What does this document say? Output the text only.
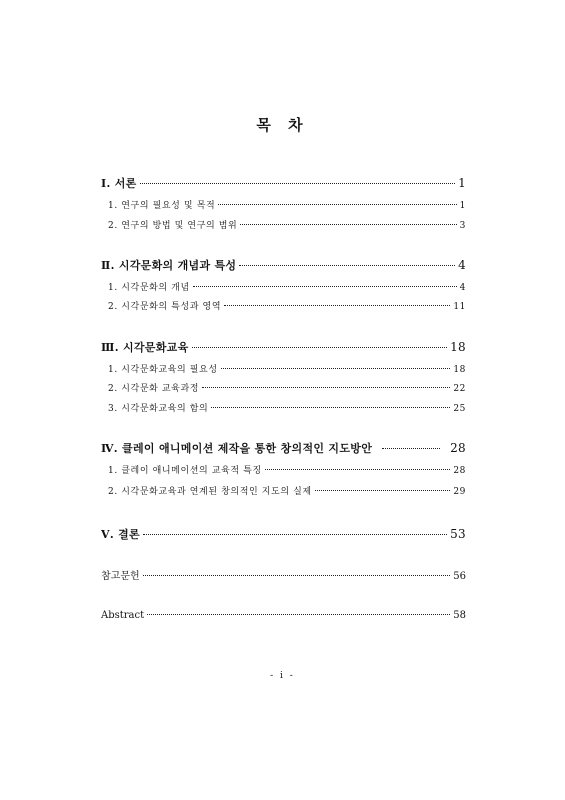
목 차
Ⅰ. 서론	1
1. 연구의 필요성 및 목적	1
2. 연구의 방법 및 연구의 범위	3
Ⅱ. 시각문화의 개념과 특성	4
1. 시각문화의 개념	4
2. 시각문화의 특성과 영역	11
Ⅲ. 시각문화교육	18
1. 시각문화교육의 필요성	18
2. 시각문화 교육과정	22
3. 시각문화교육의 함의	25
Ⅳ. 클레이 애니메이션 제작을 통한 창의적인 지도방안	28
1. 클레이 애니메이션의 교육적 특징	28
2. 시각문화교육과 연계된 창의적인 지도의 실제	29
Ⅴ. 결론	53
참고문헌	56
Abstract	58
- i -
